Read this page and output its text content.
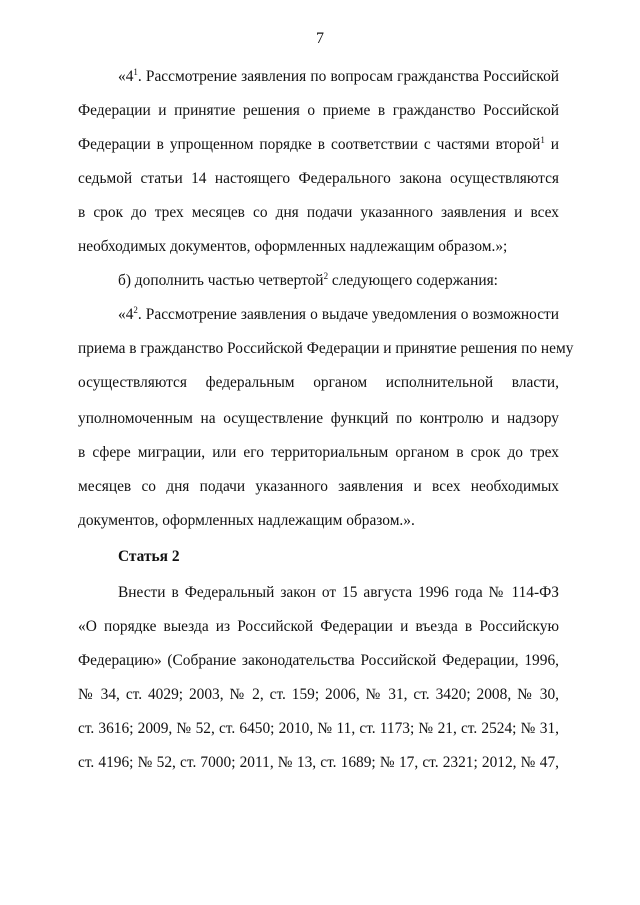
7
«$4^1$. Рассмотрение заявления по вопросам гражданства Российской
Федерации и принятие решения о приеме в гражданство Российской
Федерации в упрощенном порядке в соответствии с частями второй$^1$ и
седьмой статьи 14 настоящего Федерального закона осуществляются
в срок до трех месяцев со дня подачи указанного заявления и всех
необходимых документов, оформленных надлежащим образом.»;
б) дополнить частью четвертой$^2$ следующего содержания:
«$4^2$. Рассмотрение заявления о выдаче уведомления о возможности
приема в гражданство Российской Федерации и принятие решения по нему
осуществляются федеральным органом исполнительной власти,
уполномоченным на осуществление функций по контролю и надзору
в сфере миграции, или его территориальным органом в срок до трех
месяцев со дня подачи указанного заявления и всех необходимых
документов, оформленных надлежащим образом.».
Статья 2
Внести в Федеральный закон от 15 августа 1996 года № 114-ФЗ
«О порядке выезда из Российской Федерации и въезда в Российскую
Федерацию» (Собрание законодательства Российской Федерации, 1996,
№ 34, ст. 4029; 2003, № 2, ст. 159; 2006, № 31, ст. 3420; 2008, № 30,
ст. 3616; 2009, № 52, ст. 6450; 2010, № 11, ст. 1173; № 21, ст. 2524; № 31,
ст. 4196; № 52, ст. 7000; 2011, № 13, ст. 1689; № 17, ст. 2321; 2012, № 47,
